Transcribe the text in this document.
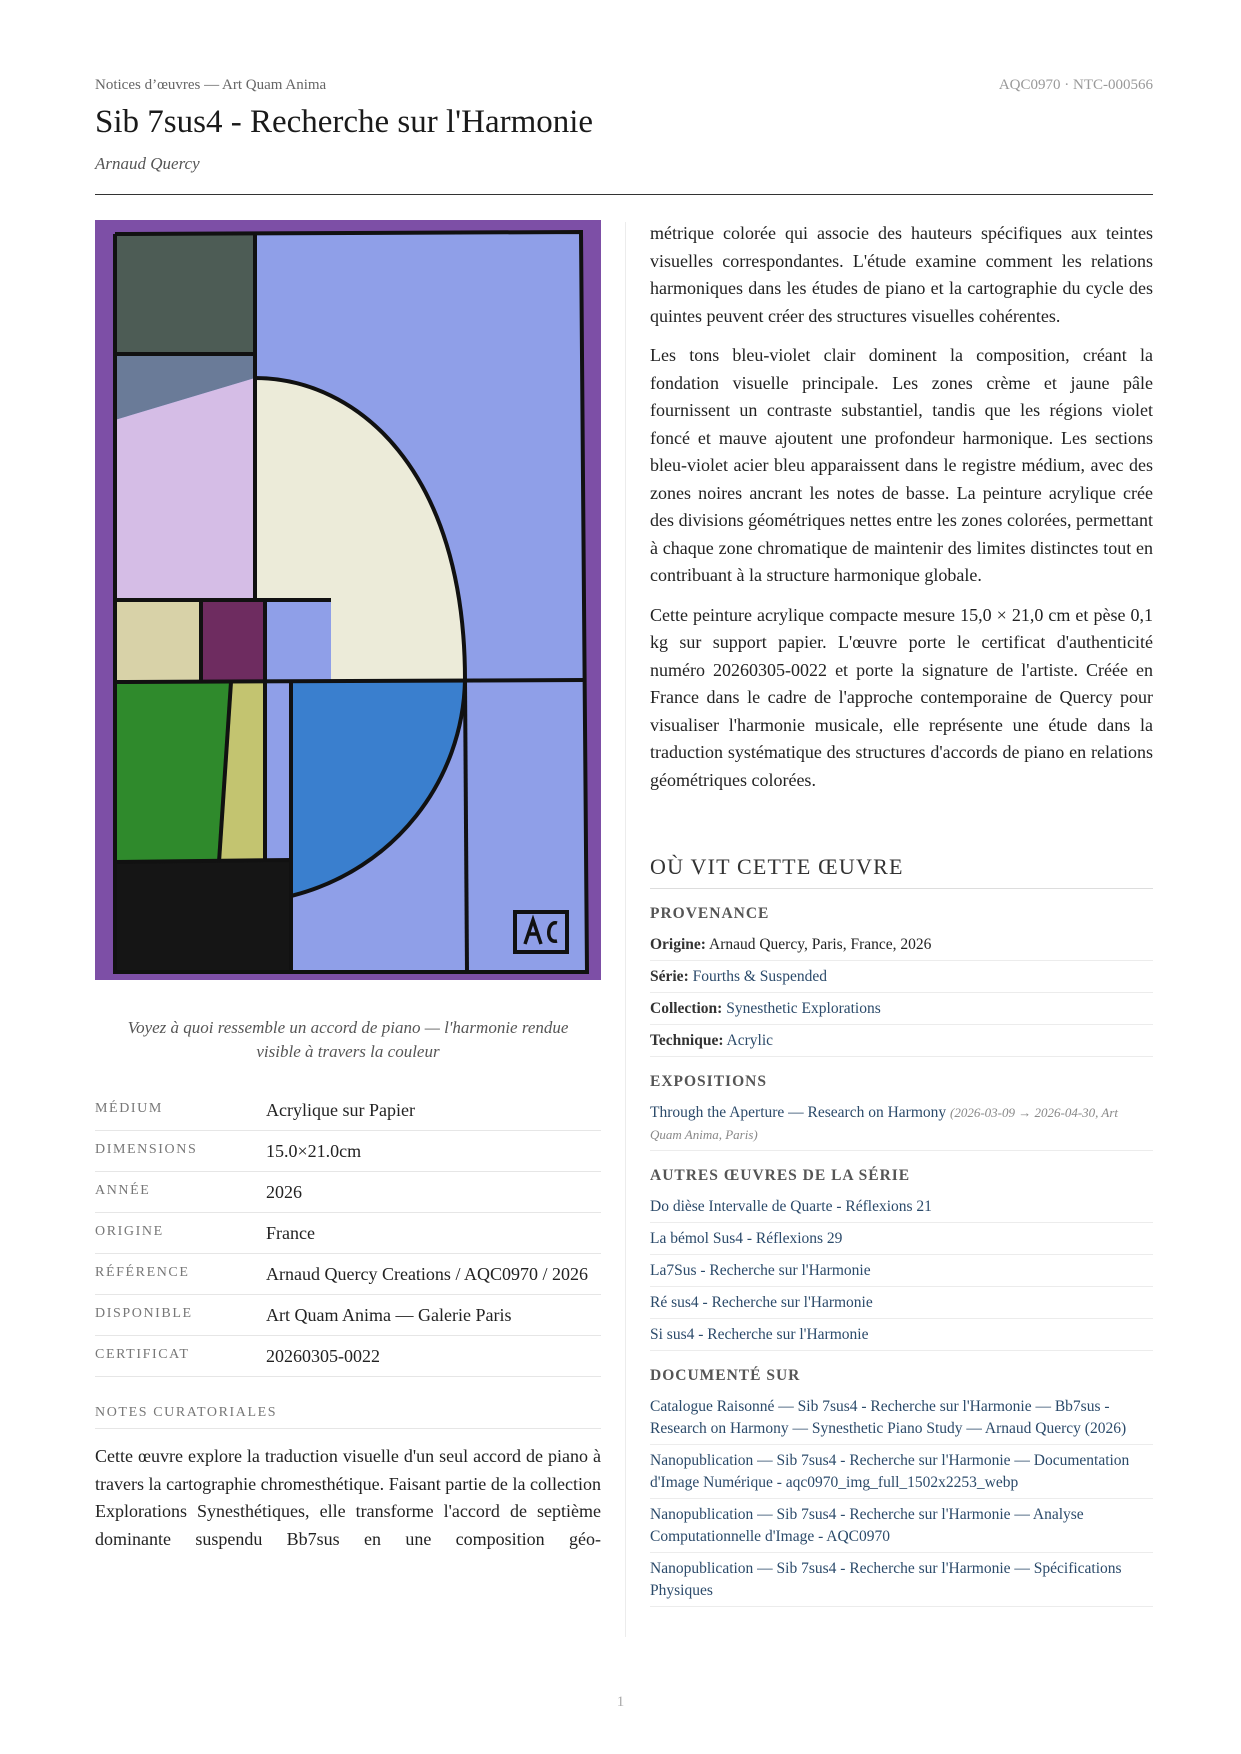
Notices d’œuvres — Art Quam Anima	AQC0970 · NTC-000566
Sib 7sus4 - Recherche sur l'Harmonie
Arnaud Quercy
Voyez à quoi ressemble un accord de piano — l'harmonie rendue visible à travers la couleur
MÉDIUM	Acrylique sur Papier
DIMENSIONS	15.0×21.0cm
ANNÉE	2026
ORIGINE	France
RÉFÉRENCE	Arnaud Quercy Creations / AQC0970 / 2026
DISPONIBLE	Art Quam Anima — Galerie Paris
CERTIFICAT	20260305-0022
NOTES CURATORIALES
Cette œuvre explore la traduction visuelle d'un seul accord de piano à travers la cartographie chromesthétique. Faisant partie de la collection Explorations Synesthétiques, elle transforme l'accord de septième dominante suspendu Bb7sus en une composition géo-

métrique colorée qui associe des hauteurs spécifiques aux teintes visuelles correspondantes. L'étude examine comment les relations harmoniques dans les études de piano et la cartographie du cycle des quintes peuvent créer des structures visuelles cohérentes.

Les tons bleu-violet clair dominent la composition, créant la fondation visuelle principale. Les zones crème et jaune pâle fournissent un contraste substantiel, tandis que les régions violet foncé et mauve ajoutent une profondeur harmonique. Les sections bleu-violet acier bleu apparaissent dans le registre médium, avec des zones noires ancrant les notes de basse. La peinture acrylique crée des divisions géométriques nettes entre les zones colorées, permettant à chaque zone chromatique de maintenir des limites distinctes tout en contribuant à la structure harmonique globale.

Cette peinture acrylique compacte mesure 15,0 × 21,0 cm et pèse 0,1 kg sur support papier. L'œuvre porte le certificat d'authenticité numéro 20260305-0022 et porte la signature de l'artiste. Créée en France dans le cadre de l'approche contemporaine de Quercy pour visualiser l'harmonie musicale, elle représente une étude dans la traduction systématique des structures d'accords de piano en relations géométriques colorées.

OÙ VIT CETTE ŒUVRE
PROVENANCE
Origine: Arnaud Quercy, Paris, France, 2026
Série: Fourths & Suspended
Collection: Synesthetic Explorations
Technique: Acrylic
EXPOSITIONS
Through the Aperture — Research on Harmony (2026-03-09 → 2026-04-30, Art Quam Anima, Paris)
AUTRES ŒUVRES DE LA SÉRIE
Do dièse Intervalle de Quarte - Réflexions 21
La bémol Sus4 - Réflexions 29
La7Sus - Recherche sur l'Harmonie
Ré sus4 - Recherche sur l'Harmonie
Si sus4 - Recherche sur l'Harmonie
DOCUMENTÉ SUR
Catalogue Raisonné — Sib 7sus4 - Recherche sur l'Harmonie — Bb7sus - Research on Harmony — Synesthetic Piano Study — Arnaud Quercy (2026)
Nanopublication — Sib 7sus4 - Recherche sur l'Harmonie — Documentation d'Image Numérique - aqc0970_img_full_1502x2253_webp
Nanopublication — Sib 7sus4 - Recherche sur l'Harmonie — Analyse Computationnelle d'Image - AQC0970
Nanopublication — Sib 7sus4 - Recherche sur l'Harmonie — Spécifications Physiques
1
